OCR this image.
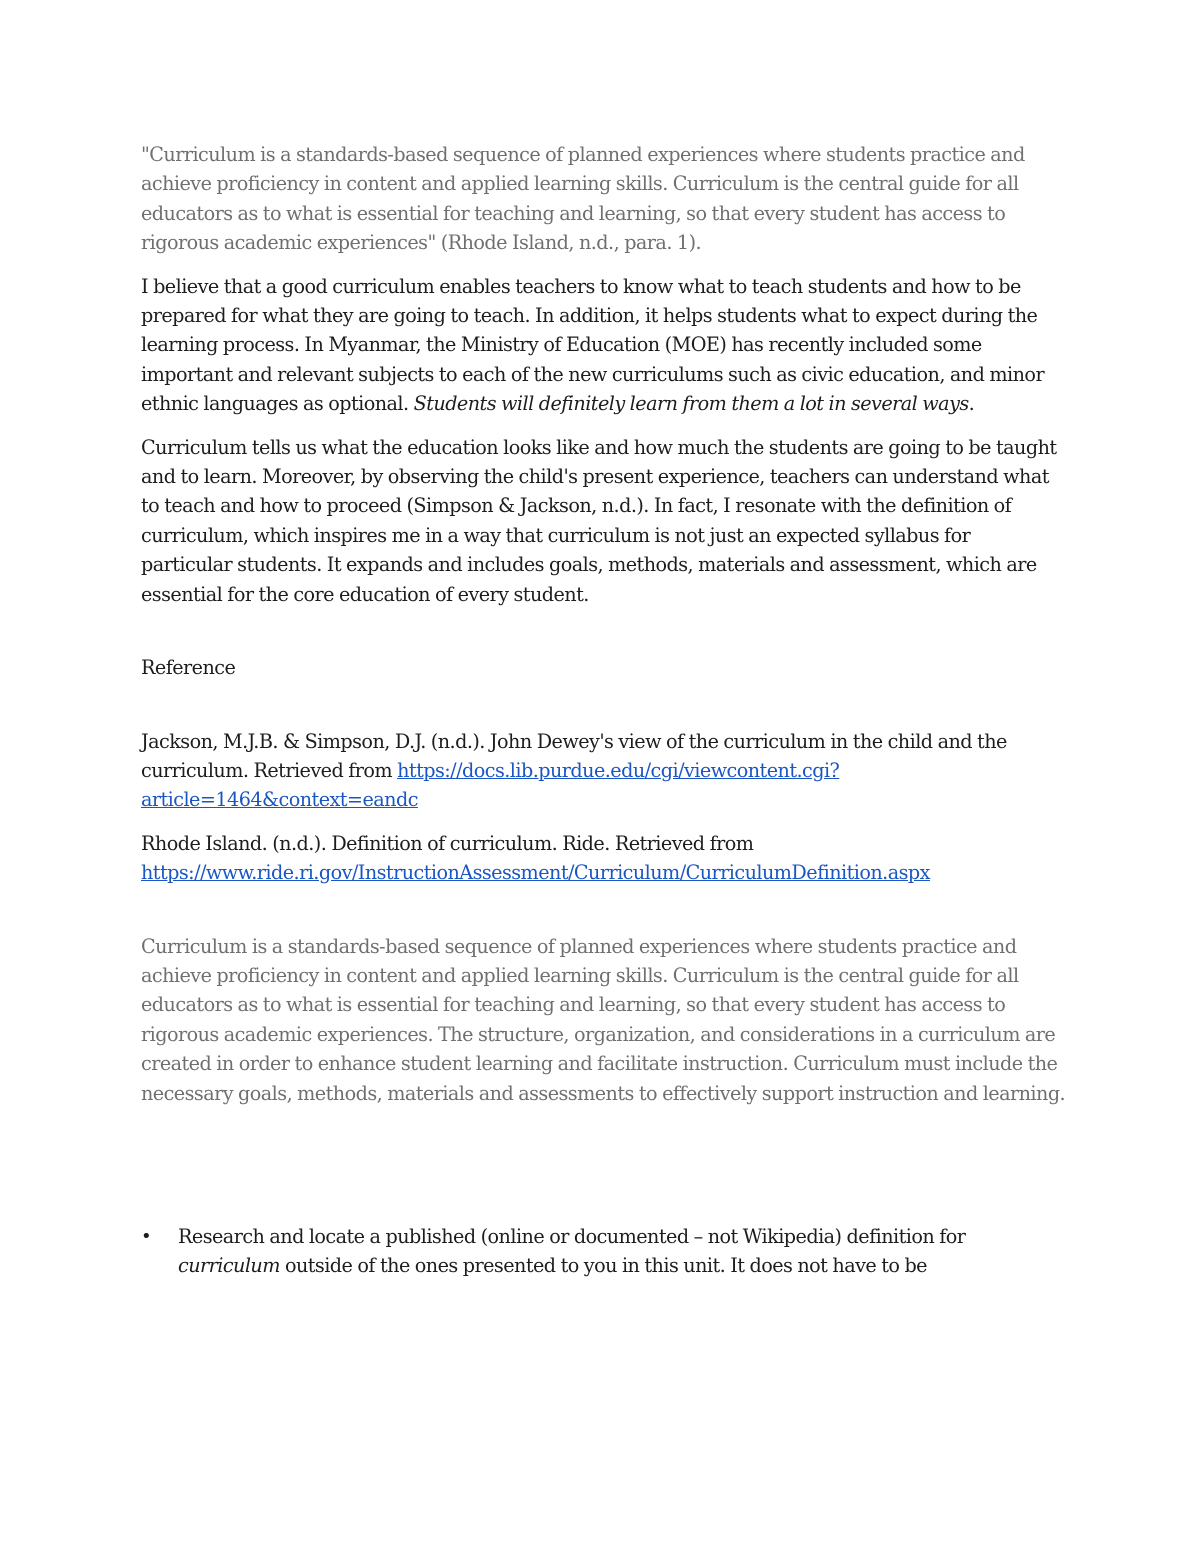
"Curriculum is a standards-based sequence of planned experiences where students practice and achieve proficiency in content and applied learning skills. Curriculum is the central guide for all educators as to what is essential for teaching and learning, so that every student has access to rigorous academic experiences" (Rhode Island, n.d., para. 1).

I believe that a good curriculum enables teachers to know what to teach students and how to be prepared for what they are going to teach. In addition, it helps students what to expect during the learning process. In Myanmar, the Ministry of Education (MOE) has recently included some important and relevant subjects to each of the new curriculums such as civic education, and minor ethnic languages as optional. Students will definitely learn from them a lot in several ways.

Curriculum tells us what the education looks like and how much the students are going to be taught and to learn. Moreover, by observing the child's present experience, teachers can understand what to teach and how to proceed (Simpson & Jackson, n.d.). In fact, I resonate with the definition of curriculum, which inspires me in a way that curriculum is not just an expected syllabus for particular students. It expands and includes goals, methods, materials and assessment, which are essential for the core education of every student.

Reference

Jackson, M.J.B. & Simpson, D.J. (n.d.). John Dewey's view of the curriculum in the child and the curriculum. Retrieved from https://docs.lib.purdue.edu/cgi/viewcontent.cgi?article=1464&context=eandc

Rhode Island. (n.d.). Definition of curriculum. Ride. Retrieved from https://www.ride.ri.gov/InstructionAssessment/Curriculum/CurriculumDefinition.aspx

Curriculum is a standards-based sequence of planned experiences where students practice and achieve proficiency in content and applied learning skills. Curriculum is the central guide for all educators as to what is essential for teaching and learning, so that every student has access to rigorous academic experiences. The structure, organization, and considerations in a curriculum are created in order to enhance student learning and facilitate instruction. Curriculum must include the necessary goals, methods, materials and assessments to effectively support instruction and learning.

•	Research and locate a published (online or documented – not Wikipedia) definition for curriculum outside of the ones presented to you in this unit. It does not have to be
